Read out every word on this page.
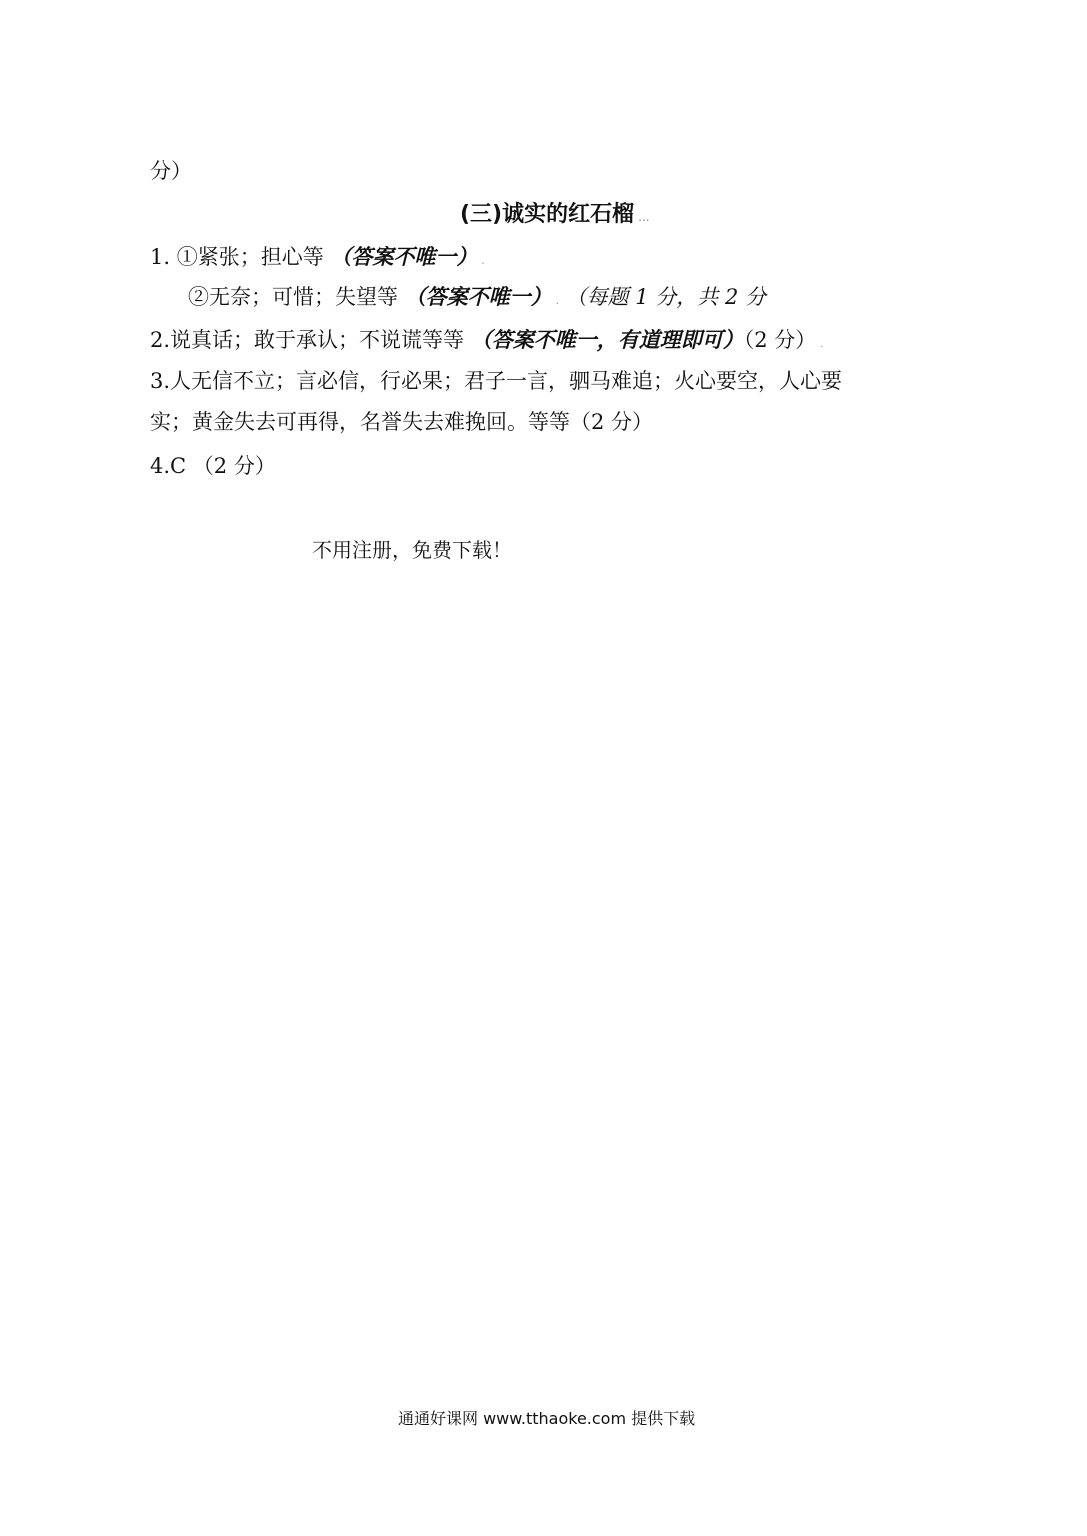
分）
(三)诚实的红石榴 ...
1. ①紧张；担心等 （答案不唯一） .
②无奈；可惜；失望等 （答案不唯一） . （每题 1 分，共 2 分
2.说真话；敢于承认；不说谎等等 （答案不唯一，有道理即可）（2 分） .
3.人无信不立；言必信，行必果；君子一言，驷马难追；火心要空，人心要
实；黄金失去可再得，名誉失去难挽回。等等（2 分）
4.C （2 分）
不用注册，免费下载！
通通好课网 www.tthaoke.com 提供下载
